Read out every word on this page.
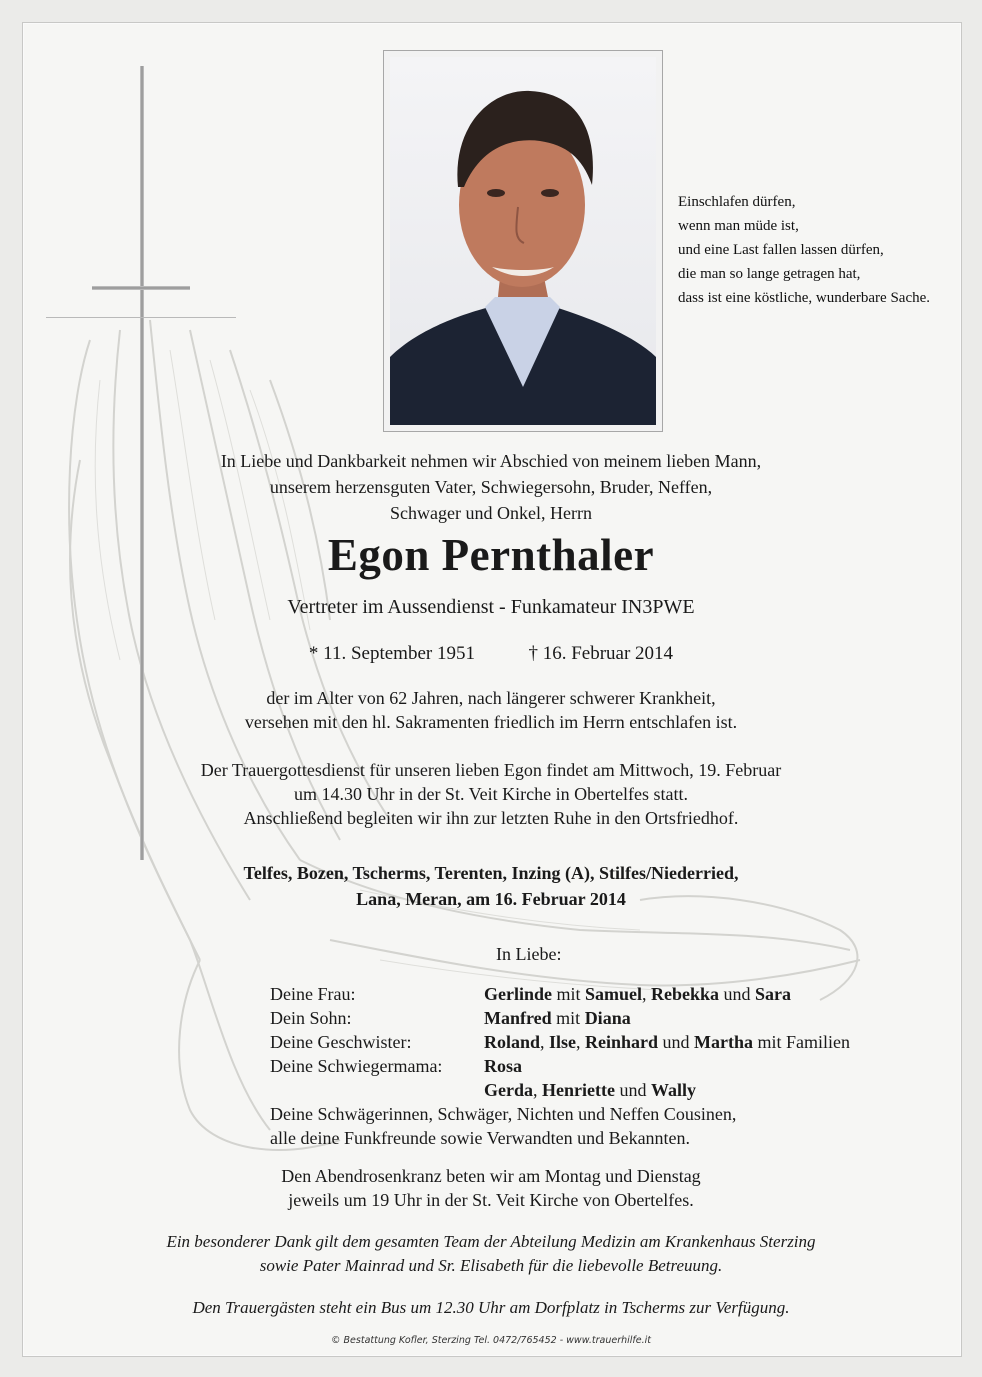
Einschlafen dürfen,
wenn man müde ist,
und eine Last fallen lassen dürfen,
die man so lange getragen hat,
dass ist eine köstliche, wunderbare Sache.
In Liebe und Dankbarkeit nehmen wir Abschied von meinem lieben Mann,
unserem herzensguten Vater, Schwiegersohn, Bruder, Neffen,
Schwager und Onkel, Herrn
Egon Pernthaler
Vertreter im Aussendienst - Funkamateur IN3PWE
* 11. September 1951	† 16. Februar 2014
der im Alter von 62 Jahren, nach längerer schwerer Krankheit,
versehen mit den hl. Sakramenten friedlich im Herrn entschlafen ist.
Der Trauergottesdienst für unseren lieben Egon findet am Mittwoch, 19. Februar
um 14.30 Uhr in der St. Veit Kirche in Obertelfes statt.
Anschließend begleiten wir ihn zur letzten Ruhe in den Ortsfriedhof.
Telfes, Bozen, Tscherms, Terenten, Inzing (A), Stilfes/Niederried,
Lana, Meran, am 16. Februar 2014
In Liebe:
Deine Frau:	Gerlinde mit Samuel, Rebekka und Sara
Dein Sohn:	Manfred mit Diana
Deine Geschwister:	Roland, Ilse, Reinhard und Martha mit Familien
Deine Schwiegermama: Rosa
Gerda, Henriette und Wally
Deine Schwägerinnen, Schwäger, Nichten und Neffen Cousinen,
alle deine Funkfreunde sowie Verwandten und Bekannten.
Den Abendrosenkranz beten wir am Montag und Dienstag
jeweils um 19 Uhr in der St. Veit Kirche von Obertelfes.
Ein besonderer Dank gilt dem gesamten Team der Abteilung Medizin am Krankenhaus Sterzing
sowie Pater Mainrad und Sr. Elisabeth für die liebevolle Betreuung.
Den Trauergästen steht ein Bus um 12.30 Uhr am Dorfplatz in Tscherms zur Verfügung.
© Bestattung Kofler, Sterzing Tel. 0472/765452 - www.trauerhilfe.it
